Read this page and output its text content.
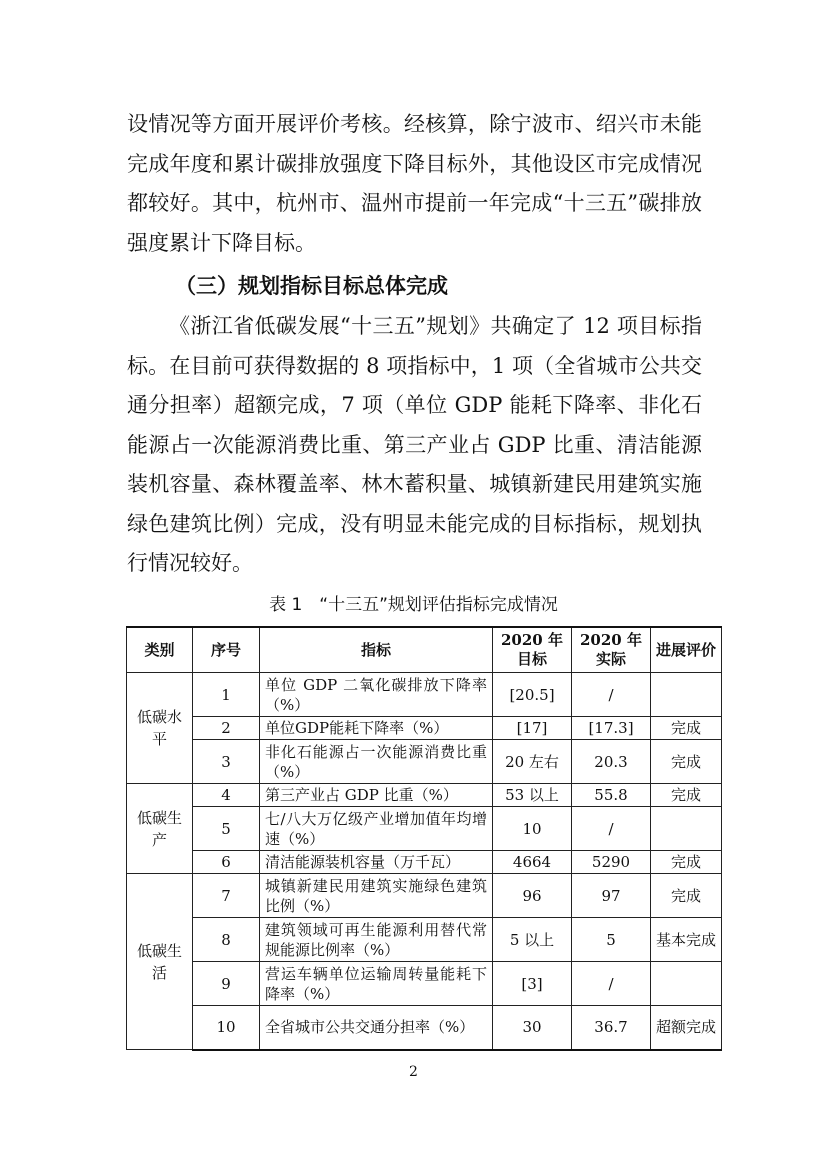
设情况等方面开展评价考核。经核算，除宁波市、绍兴市未能完成年度和累计碳排放强度下降目标外，其他设区市完成情况都较好。其中，杭州市、温州市提前一年完成“十三五”碳排放强度累计下降目标。

（三）规划指标目标总体完成

《浙江省低碳发展“十三五”规划》共确定了 12 项目标指标。在目前可获得数据的 8 项指标中，1 项（全省城市公共交通分担率）超额完成，7 项（单位 GDP 能耗下降率、非化石能源占一次能源消费比重、第三产业占 GDP 比重、清洁能源装机容量、森林覆盖率、林木蓄积量、城镇新建民用建筑实施绿色建筑比例）完成，没有明显未能完成的目标指标，规划执行情况较好。

表 1　“十三五”规划评估指标完成情况

类别	序号	指标	2020 年目标	2020 年实际	进展评价
低碳水平	1	单位 GDP 二氧化碳排放下降率（%）	[20.5]	/	
	2	单位GDP能耗下降率（%）	[17]	[17.3]	完成
	3	非化石能源占一次能源消费比重（%）	20 左右	20.3	完成
低碳生产	4	第三产业占 GDP 比重（%）	53 以上	55.8	完成
	5	七/八大万亿级产业增加值年均增速（%）	10	/	
	6	清洁能源装机容量（万千瓦）	4664	5290	完成
低碳生活	7	城镇新建民用建筑实施绿色建筑比例（%）	96	97	完成
	8	建筑领域可再生能源利用替代常规能源比例率（%）	5 以上	5	基本完成
	9	营运车辆单位运输周转量能耗下降率（%）	[3]	/	
	10	全省城市公共交通分担率（%）	30	36.7	超额完成
2
